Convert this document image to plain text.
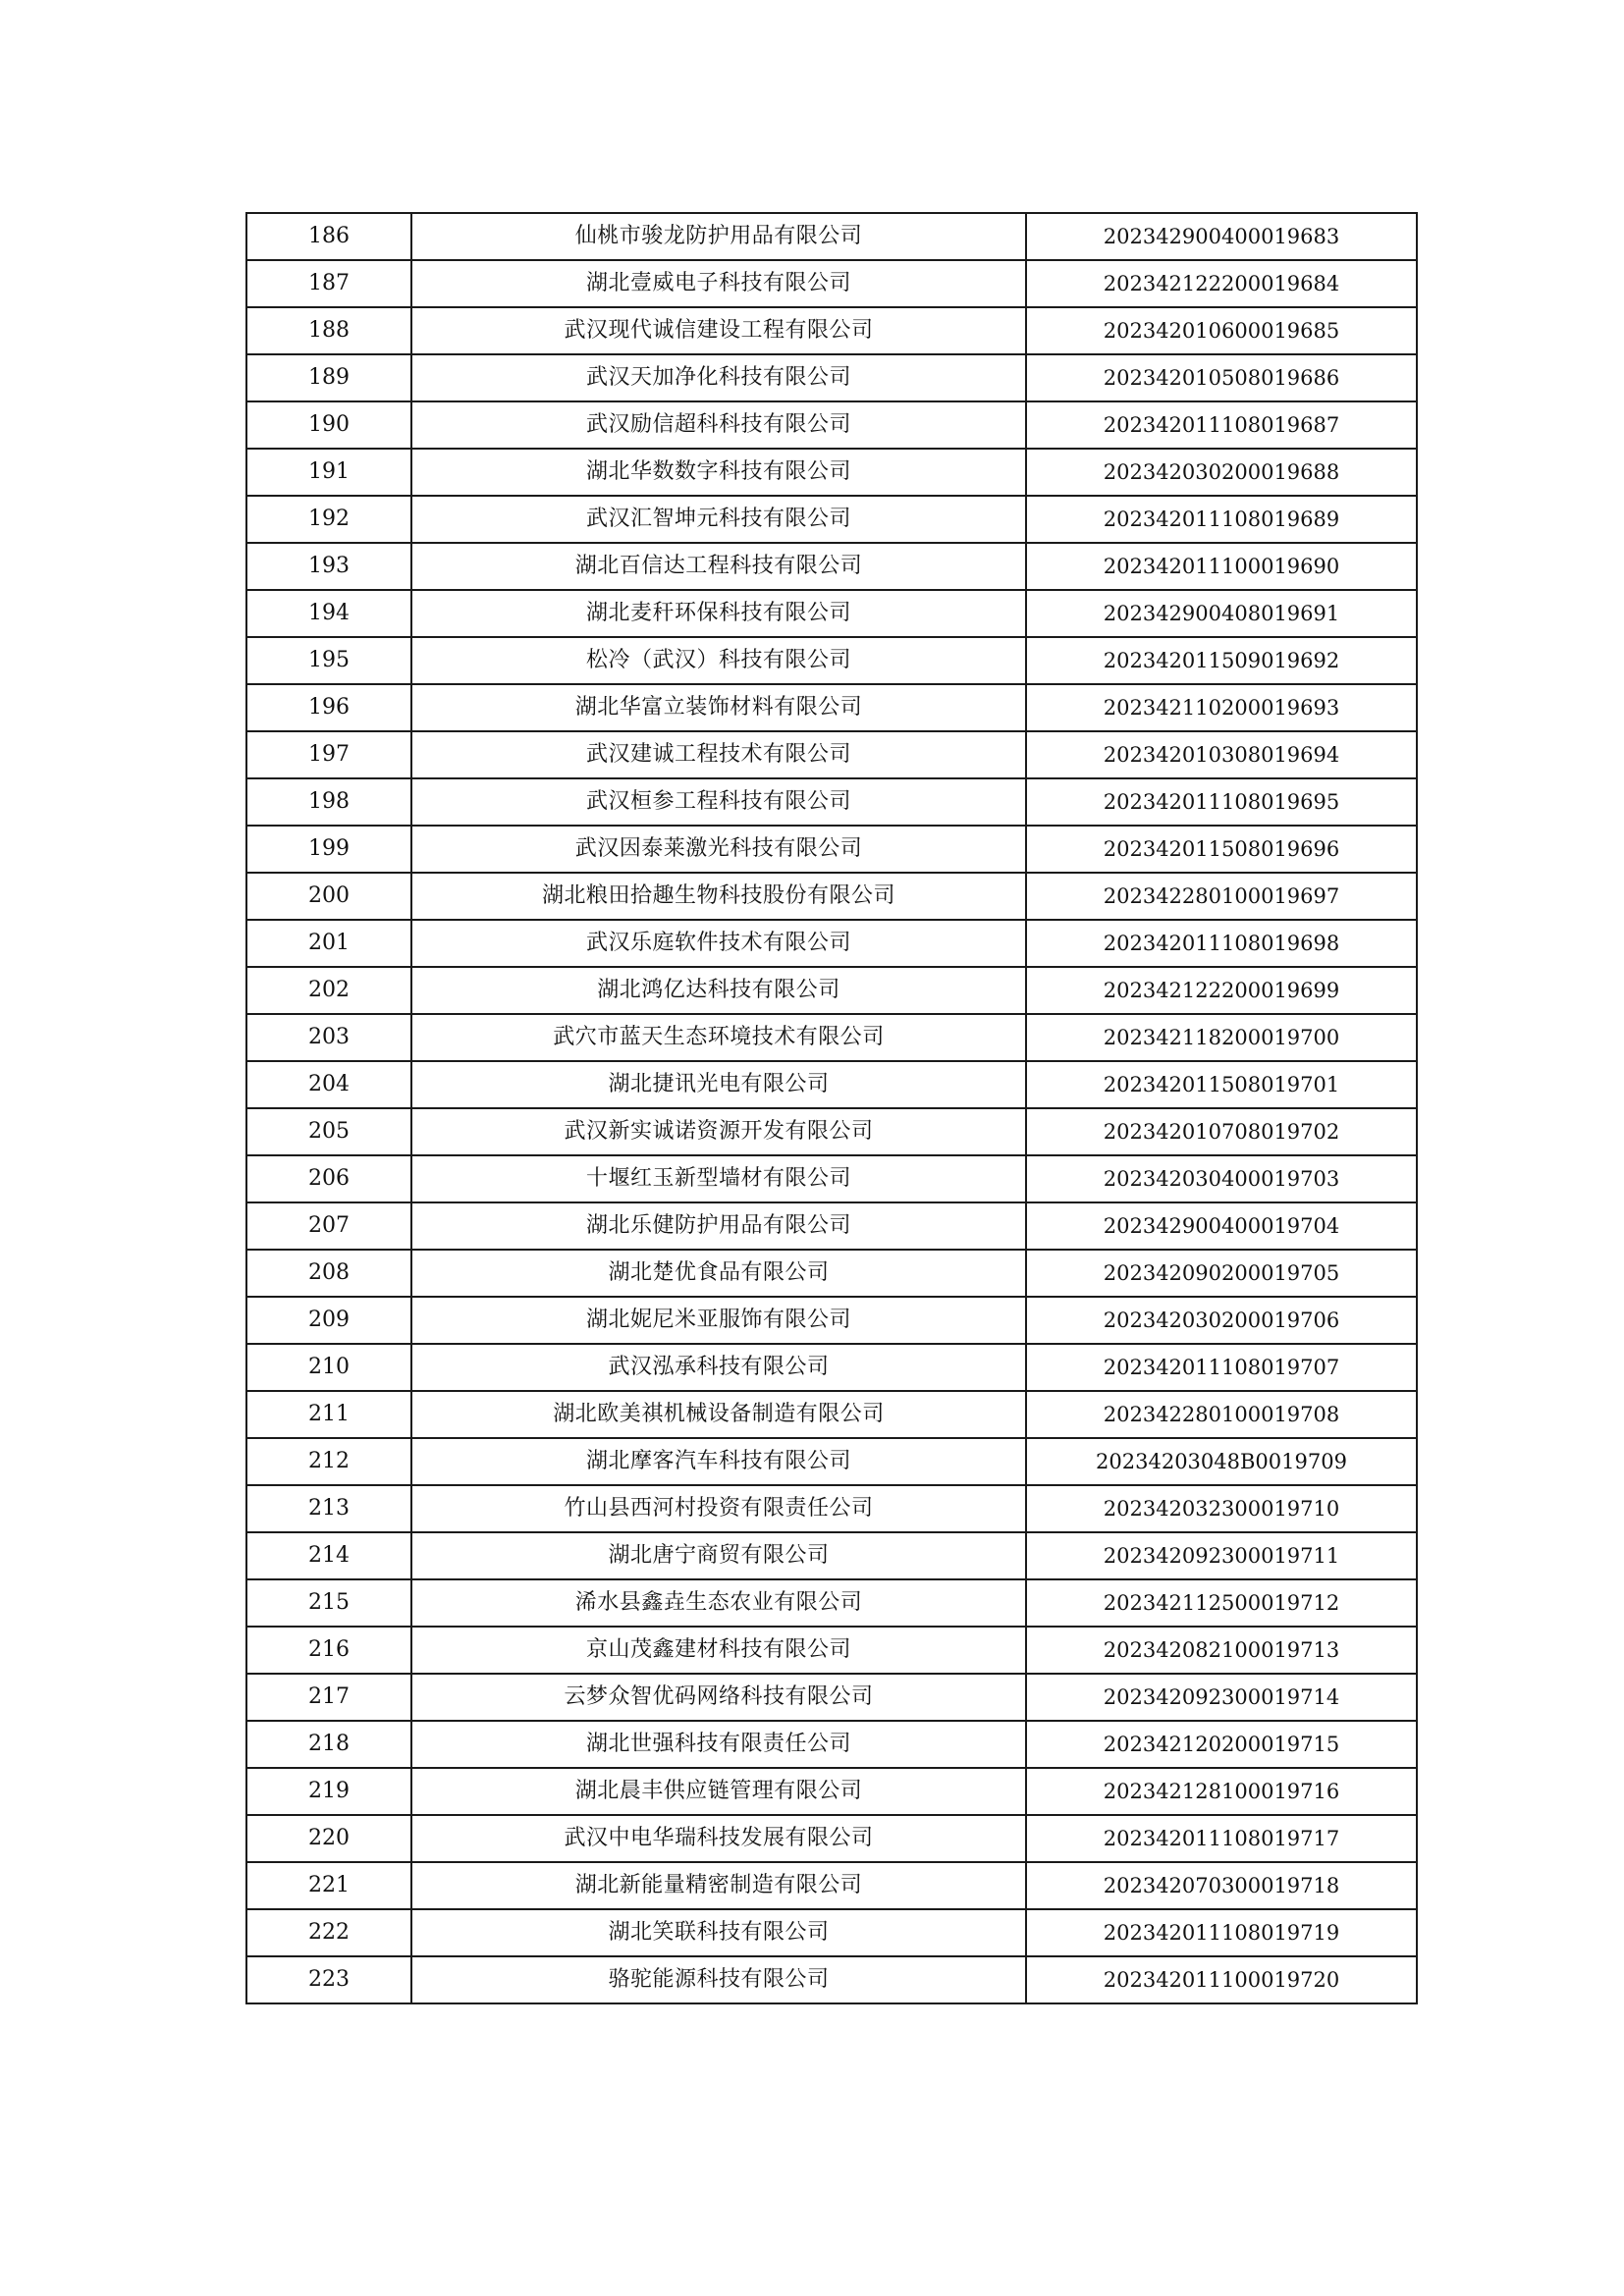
186	仙桃市骏龙防护用品有限公司	202342900400019683
187	湖北壹威电子科技有限公司	202342122200019684
188	武汉现代诚信建设工程有限公司	202342010600019685
189	武汉天加净化科技有限公司	202342010508019686
190	武汉励信超科科技有限公司	202342011108019687
191	湖北华数数字科技有限公司	202342030200019688
192	武汉汇智坤元科技有限公司	202342011108019689
193	湖北百信达工程科技有限公司	202342011100019690
194	湖北麦秆环保科技有限公司	202342900408019691
195	松冷（武汉）科技有限公司	202342011509019692
196	湖北华富立装饰材料有限公司	202342110200019693
197	武汉建诚工程技术有限公司	202342010308019694
198	武汉桓参工程科技有限公司	202342011108019695
199	武汉因泰莱激光科技有限公司	202342011508019696
200	湖北粮田拾趣生物科技股份有限公司	202342280100019697
201	武汉乐庭软件技术有限公司	202342011108019698
202	湖北鸿亿达科技有限公司	202342122200019699
203	武穴市蓝天生态环境技术有限公司	202342118200019700
204	湖北捷讯光电有限公司	202342011508019701
205	武汉新实诚诺资源开发有限公司	202342010708019702
206	十堰红玉新型墙材有限公司	202342030400019703
207	湖北乐健防护用品有限公司	202342900400019704
208	湖北楚优食品有限公司	202342090200019705
209	湖北妮尼米亚服饰有限公司	202342030200019706
210	武汉泓承科技有限公司	202342011108019707
211	湖北欧美祺机械设备制造有限公司	202342280100019708
212	湖北摩客汽车科技有限公司	20234203048B0019709
213	竹山县西河村投资有限责任公司	202342032300019710
214	湖北唐宁商贸有限公司	202342092300019711
215	浠水县鑫垚生态农业有限公司	202342112500019712
216	京山茂鑫建材科技有限公司	202342082100019713
217	云梦众智优码网络科技有限公司	202342092300019714
218	湖北世强科技有限责任公司	202342120200019715
219	湖北晨丰供应链管理有限公司	202342128100019716
220	武汉中电华瑞科技发展有限公司	202342011108019717
221	湖北新能量精密制造有限公司	202342070300019718
222	湖北笑联科技有限公司	202342011108019719
223	骆驼能源科技有限公司	202342011100019720
